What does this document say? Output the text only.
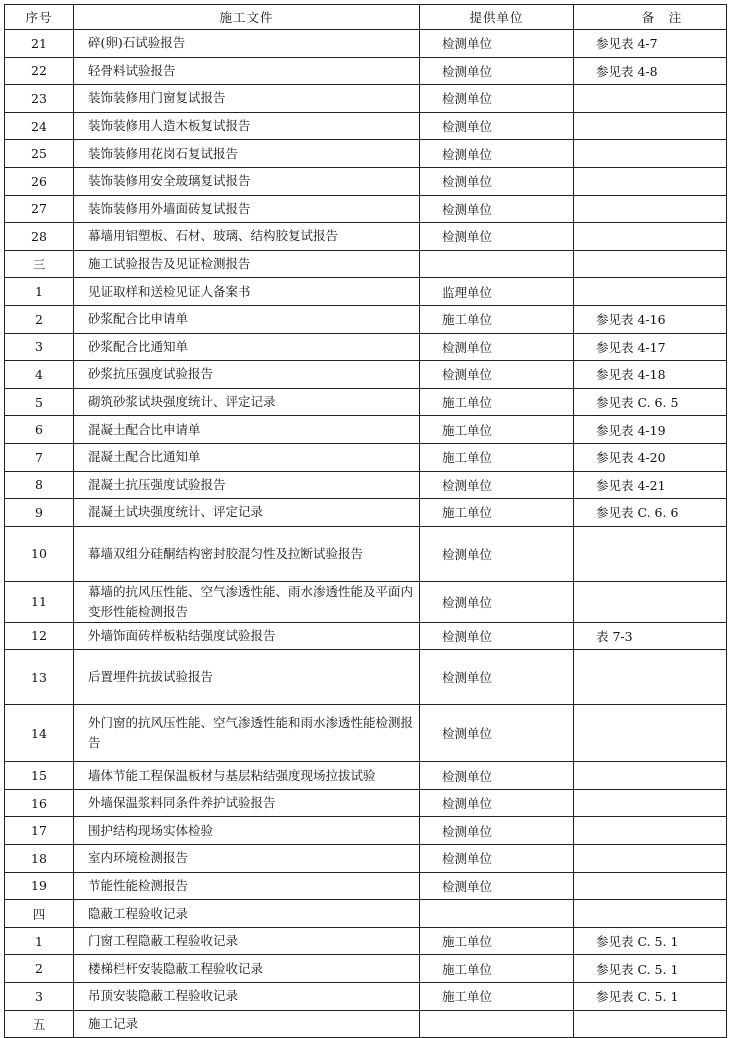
序号	施工文件	提供单位	备　注
21	碎(卵)石试验报告	检测单位	参见表 4-7
22	轻骨料试验报告	检测单位	参见表 4-8
23	装饰装修用门窗复试报告	检测单位	
24	装饰装修用人造木板复试报告	检测单位	
25	装饰装修用花岗石复试报告	检测单位	
26	装饰装修用安全玻璃复试报告	检测单位	
27	装饰装修用外墙面砖复试报告	检测单位	
28	幕墙用铝塑板、石材、玻璃、结构胶复试报告	检测单位	
三	施工试验报告及见证检测报告		
1	见证取样和送检见证人备案书	监理单位	
2	砂浆配合比申请单	施工单位	参见表 4-16
3	砂浆配合比通知单	检测单位	参见表 4-17
4	砂浆抗压强度试验报告	检测单位	参见表 4-18
5	砌筑砂浆试块强度统计、评定记录	施工单位	参见表 C. 6. 5
6	混凝土配合比申请单	施工单位	参见表 4-19
7	混凝土配合比通知单	施工单位	参见表 4-20
8	混凝土抗压强度试验报告	检测单位	参见表 4-21
9	混凝土试块强度统计、评定记录	施工单位	参见表 C. 6. 6
10	幕墙双组分硅酮结构密封胶混匀性及拉断试验报告	检测单位	
11	幕墙的抗风压性能、空气渗透性能、雨水渗透性能及平面内变形性能检测报告	检测单位	
12	外墙饰面砖样板粘结强度试验报告	检测单位	表 7-3
13	后置埋件抗拔试验报告	检测单位	
14	外门窗的抗风压性能、空气渗透性能和雨水渗透性能检测报告	检测单位	
15	墙体节能工程保温板材与基层粘结强度现场拉拔试验	检测单位	
16	外墙保温浆料同条件养护试验报告	检测单位	
17	围护结构现场实体检验	检测单位	
18	室内环境检测报告	检测单位	
19	节能性能检测报告	检测单位	
四	隐蔽工程验收记录		
1	门窗工程隐蔽工程验收记录	施工单位	参见表 C. 5. 1
2	楼梯栏杆安装隐蔽工程验收记录	施工单位	参见表 C. 5. 1
3	吊顶安装隐蔽工程验收记录	施工单位	参见表 C. 5. 1
五	施工记录		
